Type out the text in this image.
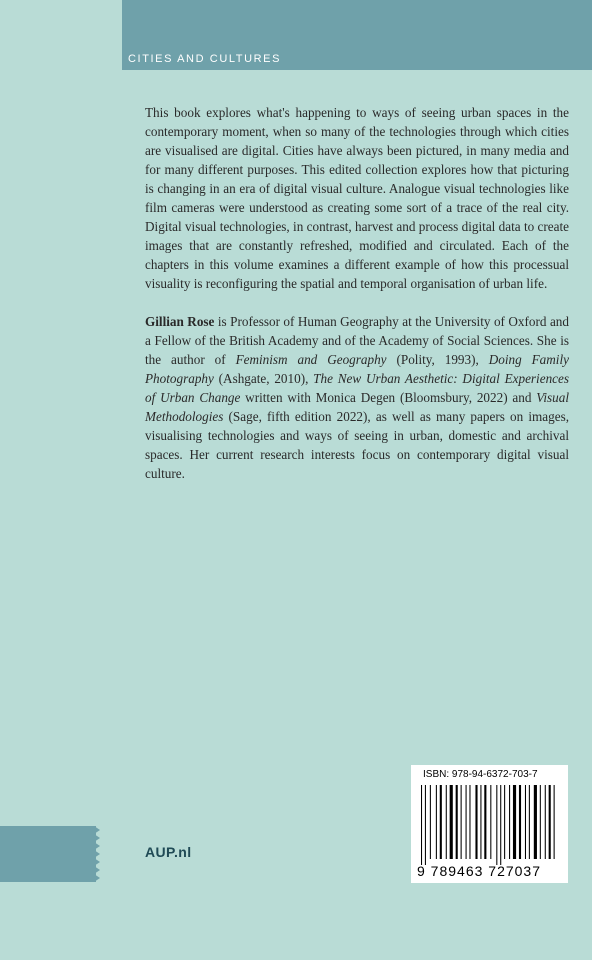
CITIES AND CULTURES

This book explores what's happening to ways of seeing urban spaces in the contemporary moment, when so many of the technologies through which cities are visualised are digital. Cities have always been pictured, in many media and for many different purposes. This edited collection explores how that picturing is changing in an era of digital visual culture. Analogue visual technologies like film cameras were understood as creating some sort of a trace of the real city. Digital visual technologies, in contrast, harvest and process digital data to create images that are constantly refreshed, modified and circulated. Each of the chapters in this volume examines a different example of how this processual visuality is reconfiguring the spatial and temporal organisation of urban life.

Gillian Rose is Professor of Human Geography at the University of Oxford and a Fellow of the British Academy and of the Academy of Social Sciences. She is the author of Feminism and Geography (Polity, 1993), Doing Family Photography (Ashgate, 2010), The New Urban Aesthetic: Digital Experiences of Urban Change written with Monica Degen (Bloomsbury, 2022) and Visual Methodologies (Sage, fifth edition 2022), as well as many papers on images, visualising technologies and ways of seeing in urban, domestic and archival spaces. Her current research interests focus on contemporary digital visual culture.

AUP.nl
ISBN: 978-94-6372-703-7
9 789463 727037
